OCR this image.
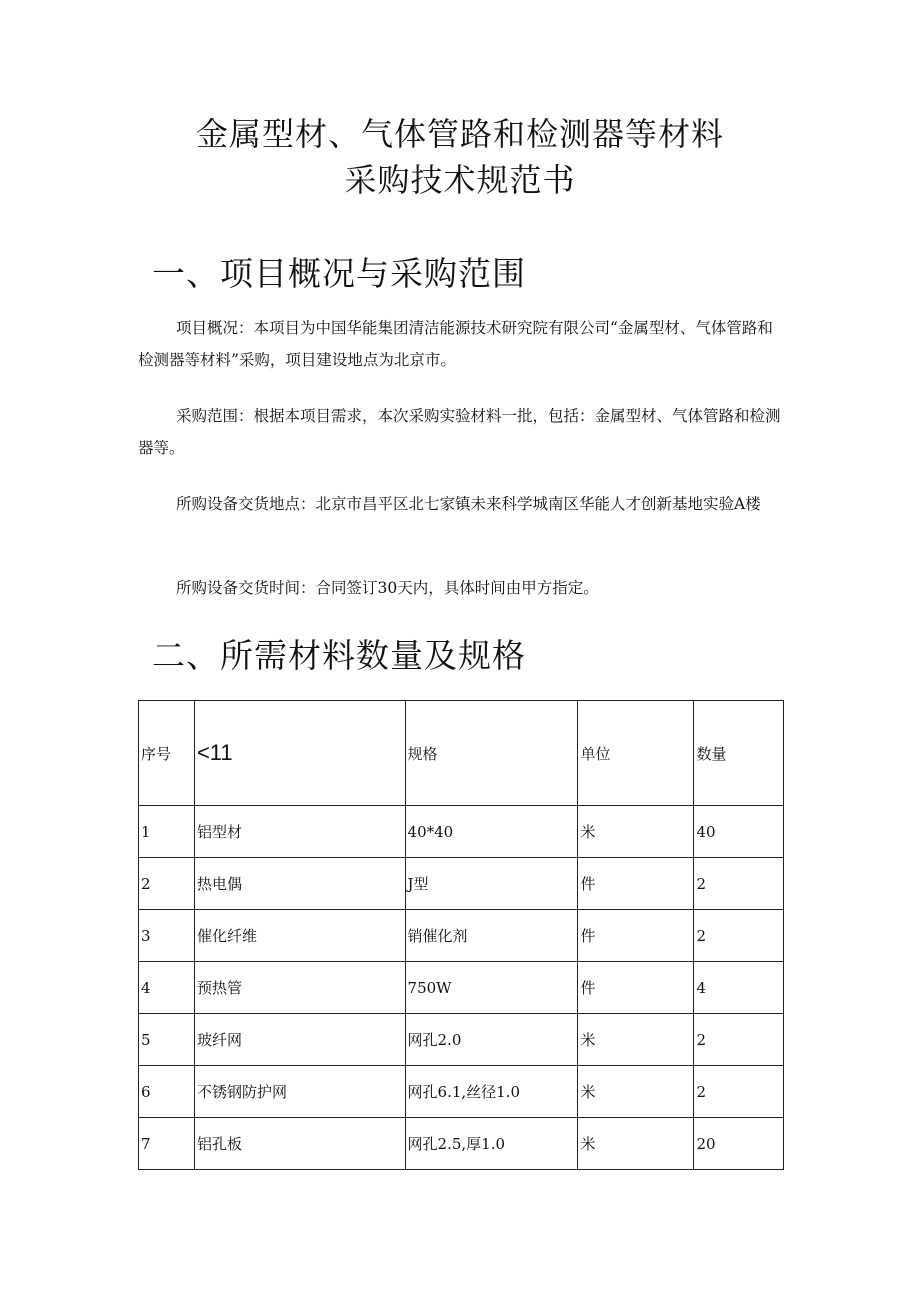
金属型材、气体管路和检测器等材料
采购技术规范书
一、项目概况与采购范围
项目概况：本项目为中国华能集团清洁能源技术研究院有限公司“金属型材、气体管路和检测器等材料”采购，项目建设地点为北京市。
采购范围：根据本项目需求，本次采购实验材料一批，包括：金属型材、气体管路和检测器等。
所购设备交货地点：北京市昌平区北七家镇未来科学城南区华能人才创新基地实验A楼
所购设备交货时间：合同签订30天内，具体时间由甲方指定。
二、所需材料数量及规格
序号	<11	规格	单位	数量
1	铝型材	40*40	米	40
2	热电偶	J型	件	2
3	催化纤维	销催化剂	件	2
4	预热管	750W	件	4
5	玻纤网	网孔2.0	米	2
6	不锈钢防护网	网孔6.1,丝径1.0	米	2
7	铝孔板	网孔2.5,厚1.0	米	20
